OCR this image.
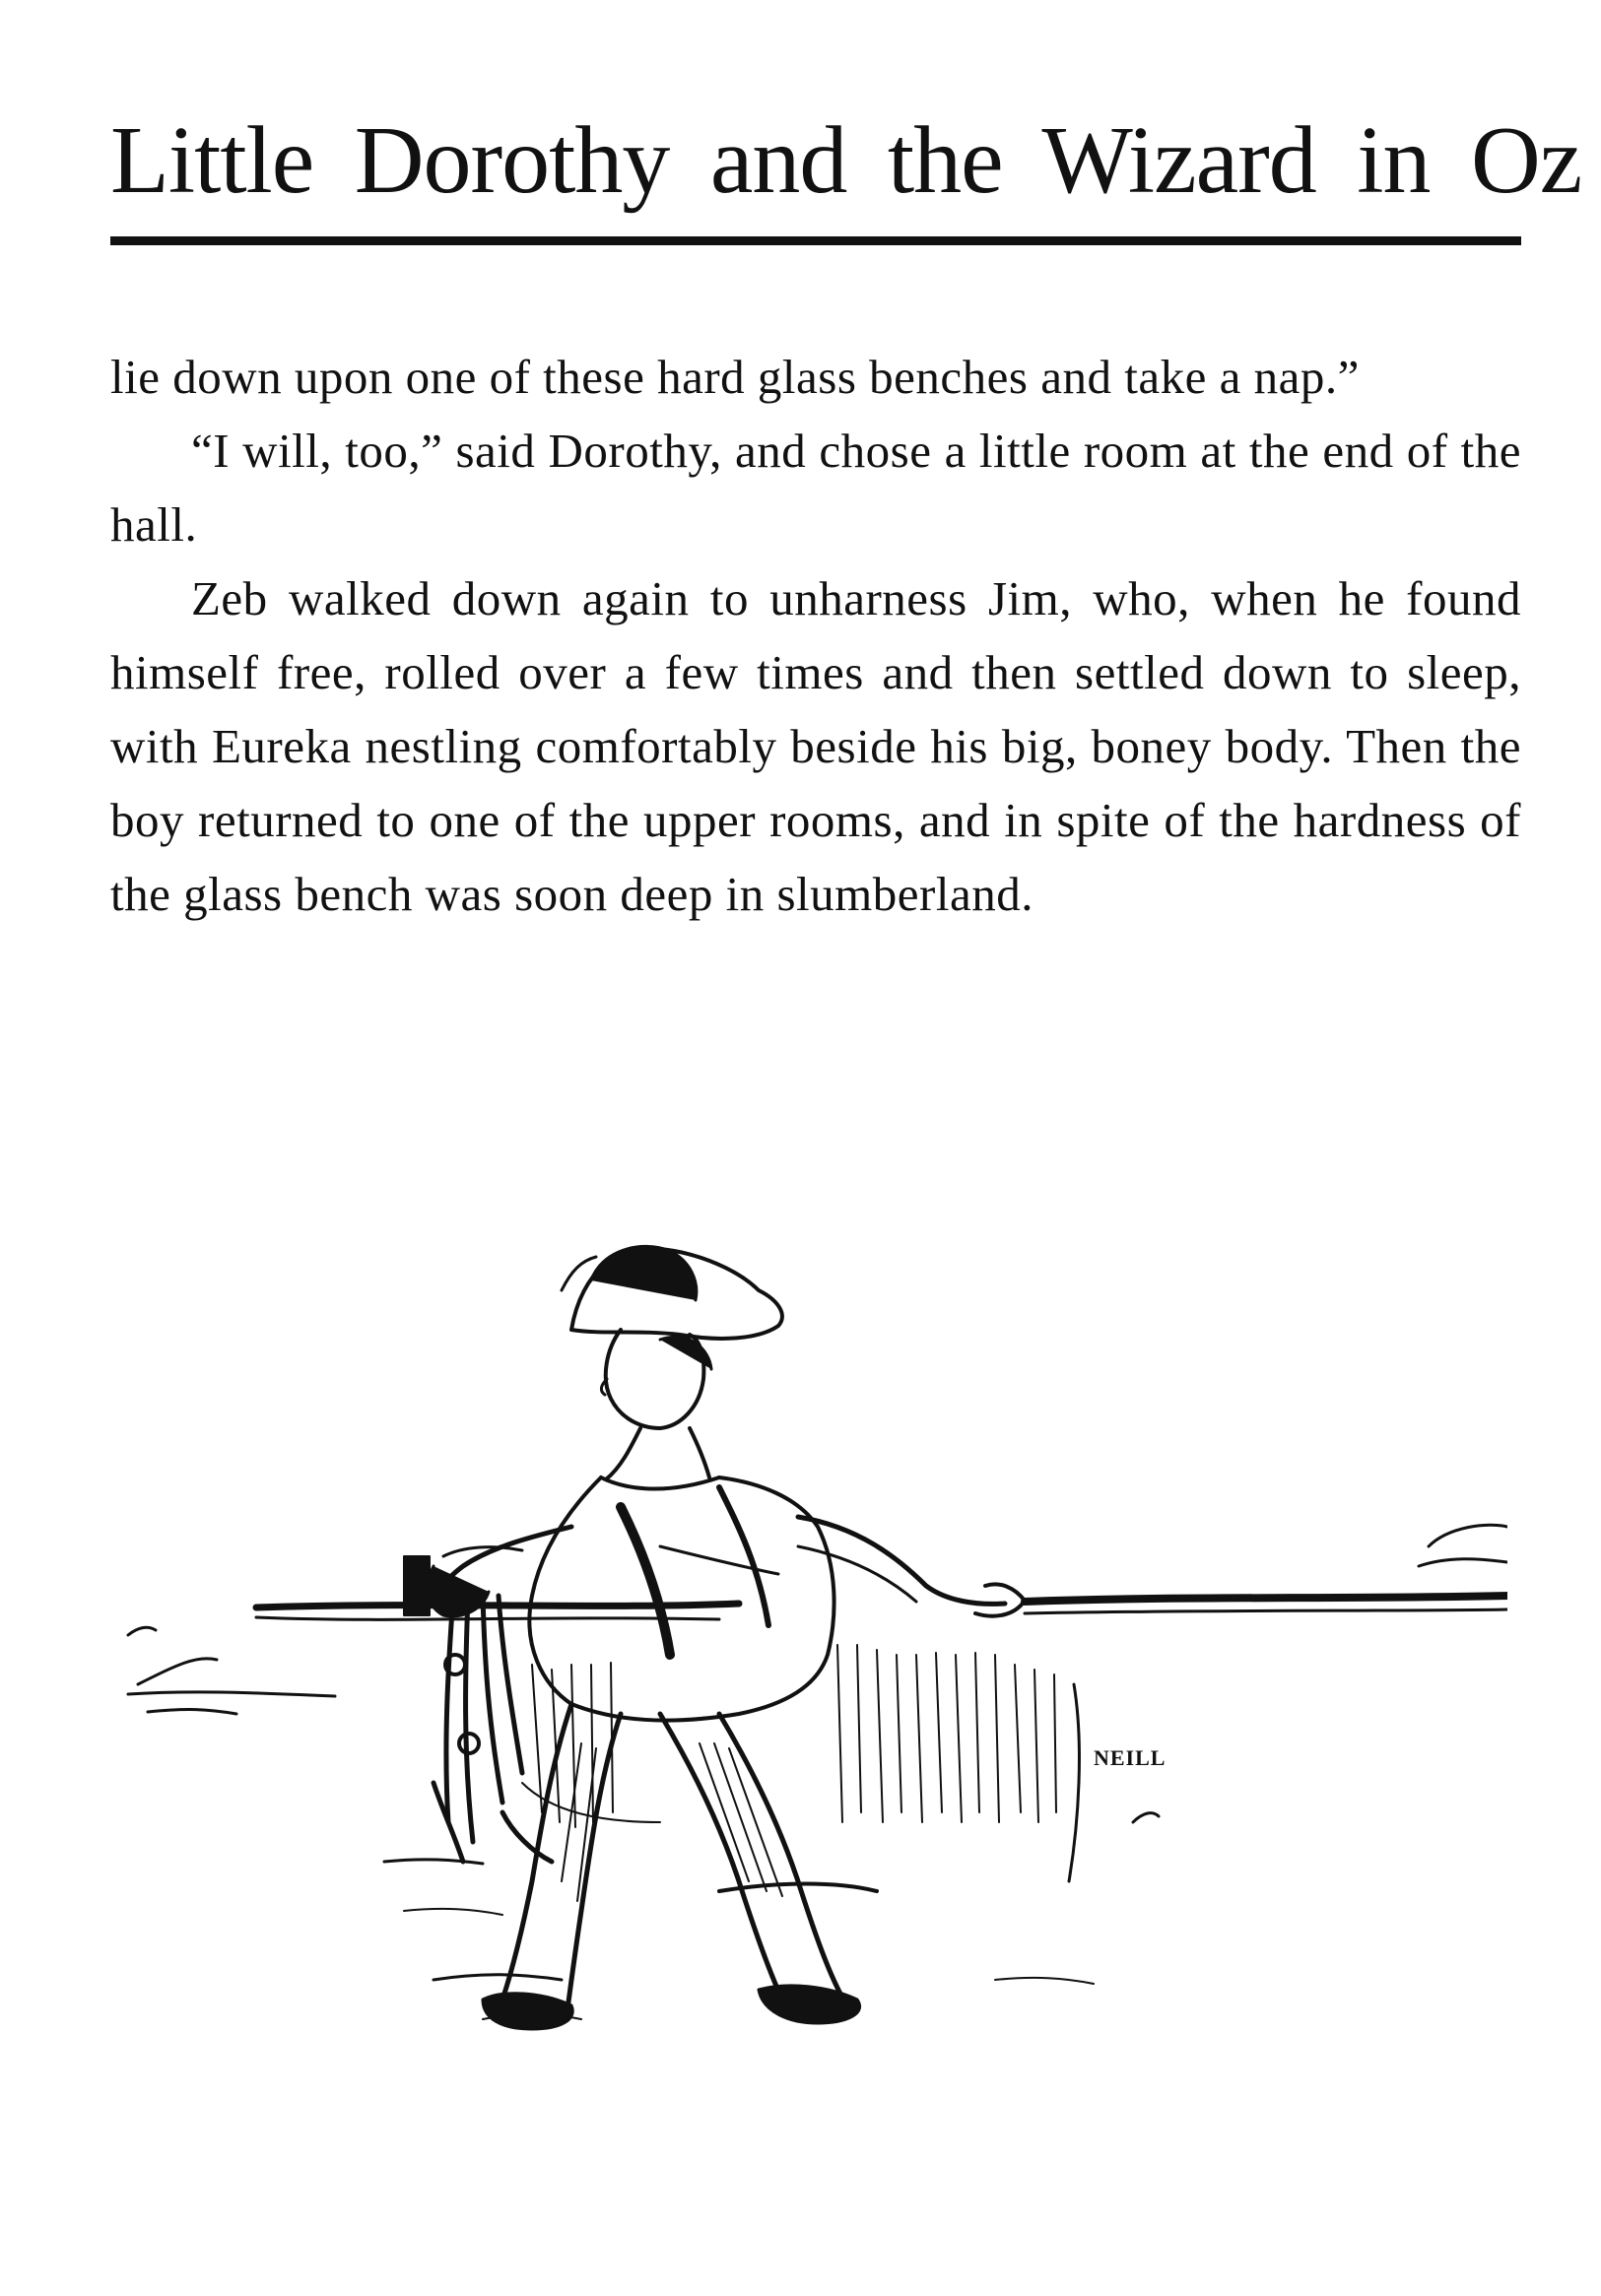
Little Dorothy and the Wizard in Oz

lie down upon one of these hard glass benches and take a nap.”

“I will, too,” said Dorothy, and chose a little room at the end of the hall.

Zeb walked down again to unharness Jim, who, when he found himself free, rolled over a few times and then settled down to sleep, with Eureka nestling comfortably beside his big, boney body. Then the boy returned to one of the upper rooms, and in spite of the hardness of the glass bench was soon deep in slumberland.

NEILL
